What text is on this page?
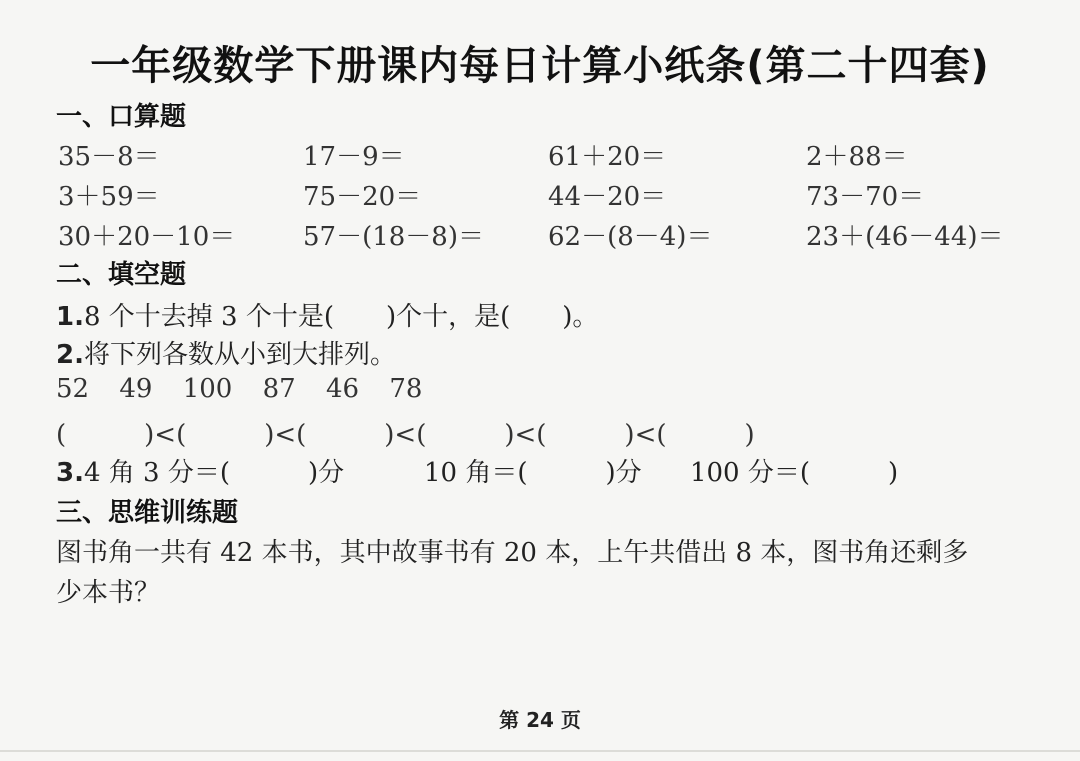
一年级数学下册课内每日计算小纸条(第二十四套)
一、口算题
35－8＝	17－9＝	61＋20＝	2＋88＝
3＋59＝	75－20＝	44－20＝	73－70＝
30＋20－10＝	57－(18－8)＝ 62－(8－4)＝	23＋(46－44)＝
二、填空题
1.8 个十去掉 3 个十是(　　)个十，是(　　)。
2.将下列各数从小到大排列。
52 49 100 87 46 78
(　　　)<(　　　)<(　　　)<(　　　)<(　　　)<(　　　)
3.4 角 3 分＝(　　　)分	10 角＝(　　　)分 100 分＝(　　　)
三、思维训练题
图书角一共有 42 本书，其中故事书有 20 本，上午共借出 8 本，图书角还剩多
少本书？
第 24 页
